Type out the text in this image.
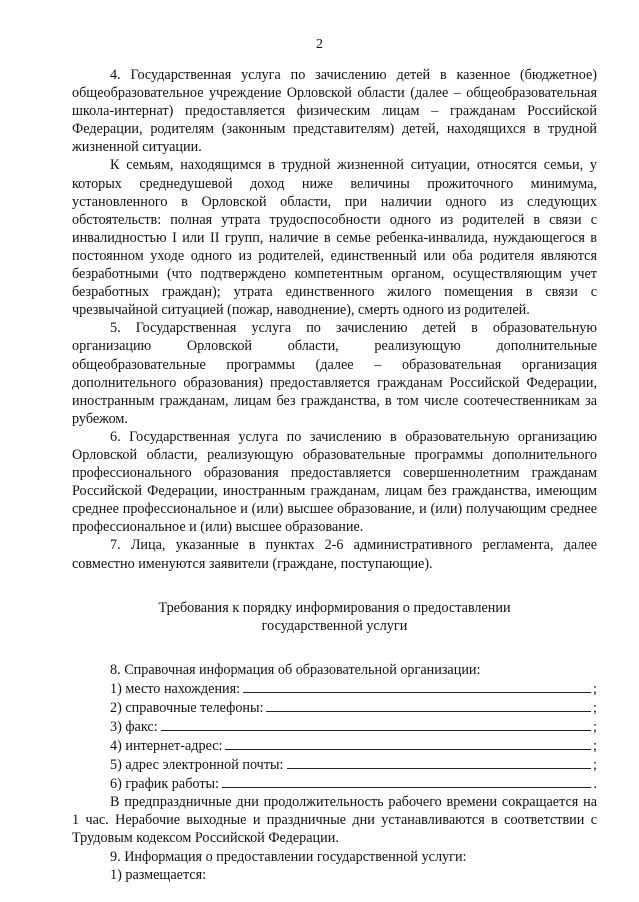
2

4. Государственная услуга по зачислению детей в казенное (бюджетное) общеобразовательное учреждение Орловской области (далее – общеобразовательная школа-интернат) предоставляется физическим лицам – гражданам Российской Федерации, родителям (законным представителям) детей, находящихся в трудной жизненной ситуации.

К семьям, находящимся в трудной жизненной ситуации, относятся семьи, у которых среднедушевой доход ниже величины прожиточного минимума, установленного в Орловской области, при наличии одного из следующих обстоятельств: полная утрата трудоспособности одного из родителей в связи с инвалидностью I или II групп, наличие в семье ребенка-инвалида, нуждающегося в постоянном уходе одного из родителей, единственный или оба родителя являются безработными (что подтверждено компетентным органом, осуществляющим учет безработных граждан); утрата единственного жилого помещения в связи с чрезвычайной ситуацией (пожар, наводнение), смерть одного из родителей.

5. Государственная услуга по зачислению детей в образовательную организацию Орловской области, реализующую дополнительные общеобразовательные программы (далее – образовательная организация дополнительного образования) предоставляется гражданам Российской Федерации, иностранным гражданам, лицам без гражданства, в том числе соотечественникам за рубежом.

6. Государственная услуга по зачислению в образовательную организацию Орловской области, реализующую образовательные программы дополнительного профессионального образования предоставляется совершеннолетним гражданам Российской Федерации, иностранным гражданам, лицам без гражданства, имеющим среднее профессиональное и (или) высшее образование, и (или) получающим среднее профессиональное и (или) высшее образование.

7. Лица, указанные в пунктах 2-6 административного регламента, далее совместно именуются заявители (граждане, поступающие).

Требования к порядку информирования о предоставлении
государственной услуги

8. Справочная информация об образовательной организации:

1) место нахождения:	;
2) справочные телефоны:	;
3) факс:	;
4) интернет-адрес:	;
5) адрес электронной почты:	;
6) график работы:	.

В предпраздничные дни продолжительность рабочего времени сокращается на 1 час. Нерабочие выходные и праздничные дни устанавливаются в соответствии с Трудовым кодексом Российской Федерации.

9. Информация о предоставлении государственной услуги:

1) размещается:
